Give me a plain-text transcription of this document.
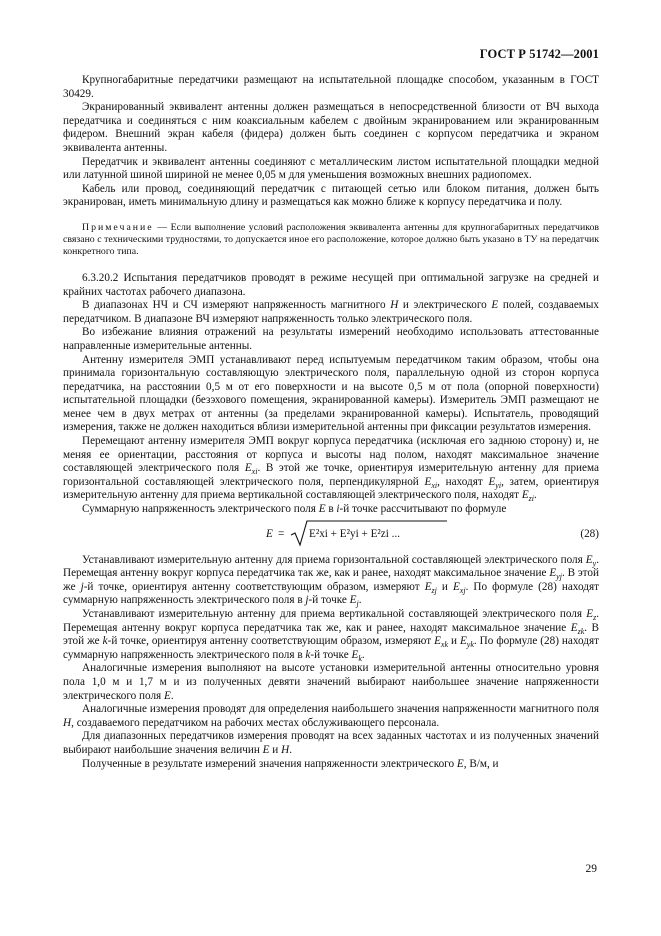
ГОСТ Р 51742—2001

Крупногабаритные передатчики размещают на испытательной площадке способом, указанным в ГОСТ 30429.

Экранированный эквивалент антенны должен размещаться в непосредственной близости от ВЧ выхода передатчика и соединяться с ним коаксиальным кабелем с двойным экранированием или экранированным фидером. Внешний экран кабеля (фидера) должен быть соединен с корпусом передатчика и экраном эквивалента антенны.

Передатчик и эквивалент антенны соединяют с металлическим листом испытательной площадки медной или латунной шиной шириной не менее 0,05 м для уменьшения возможных внешних радиопомех.

Кабель или провод, соединяющий передатчик с питающей сетью или блоком питания, должен быть экранирован, иметь минимальную длину и размещаться как можно ближе к корпусу передатчика и полу.

Примечание — Если выполнение условий расположения эквивалента антенны для крупногабаритных передатчиков связано с техническими трудностями, то допускается иное его расположение, которое должно быть указано в ТУ на передатчик конкретного типа.

6.3.20.2 Испытания передатчиков проводят в режиме несущей при оптимальной загрузке на средней и крайних частотах рабочего диапазона.

В диапазонах НЧ и СЧ измеряют напряженность магнитного Н и электрического Е полей, создаваемых передатчиком. В диапазоне ВЧ измеряют напряженность только электрического поля.

Во избежание влияния отражений на результаты измерений необходимо использовать аттестованные направленные измерительные антенны.

Антенну измерителя ЭМП устанавливают перед испытуемым передатчиком таким образом, чтобы она принимала горизонтальную составляющую электрического поля, параллельную одной из сторон корпуса передатчика, на расстоянии 0,5 м от его поверхности и на высоте 0,5 м от пола (опорной поверхности) испытательной площадки (безэхового помещения, экранированной камеры). Измеритель ЭМП размещают не менее чем в двух метрах от антенны (за пределами экранированной камеры). Испытатель, проводящий измерения, также не должен находиться вблизи измерительной антенны при фиксации результатов измерения.

Перемещают антенну измерителя ЭМП вокруг корпуса передатчика (исключая его заднюю сторону) и, не меняя ее ориентации, расстояния от корпуса и высоты над полом, находят максимальное значение составляющей электрического поля $E_{xi}$. В этой же точке, ориентируя измерительную антенну для приема горизонтальной составляющей электрического поля, перпендикулярной $E_{xi}$, находят $E_{yi}$, затем, ориентируя измерительную антенну для приема вертикальной составляющей электрического поля, находят $E_{zi}$.

Суммарную напряженность электрического поля E в i-й точке рассчитывают по формуле

E = E²xi + E²yi + E²zi ...	(28)

Устанавливают измерительную антенну для приема горизонтальной составляющей электрического поля $E_y$. Перемещая антенну вокруг корпуса передатчика так же, как и ранее, находят максимальное значение $E_{yj}$. В этой же j-й точке, ориентируя антенну соответствующим образом, измеряют $E_{zj}$ и $E_{xj}$. По формуле (28) находят суммарную напряженность электрического поля в j-й точке $E_j$.

Устанавливают измерительную антенну для приема вертикальной составляющей электрического поля $E_z$. Перемещая антенну вокруг корпуса передатчика так же, как и ранее, находят максимальное значение $E_{zk}$. В этой же k-й точке, ориентируя антенну соответствующим образом, измеряют $E_{xk}$ и $E_{yk}$. По формуле (28) находят суммарную напряженность электрического поля в k-й точке $E_k$.

Аналогичные измерения выполняют на высоте установки измерительной антенны относительно уровня пола 1,0 м и 1,7 м и из полученных девяти значений выбирают наибольшее значение напряженности электрического поля E.

Аналогичные измерения проводят для определения наибольшего значения напряженности магнитного поля H, создаваемого передатчиком на рабочих местах обслуживающего персонала.

Для диапазонных передатчиков измерения проводят на всех заданных частотах и из полученных значений выбирают наибольшие значения величин E и H.

Полученные в результате измерений значения напряженности электрического E, В/м, и

29
